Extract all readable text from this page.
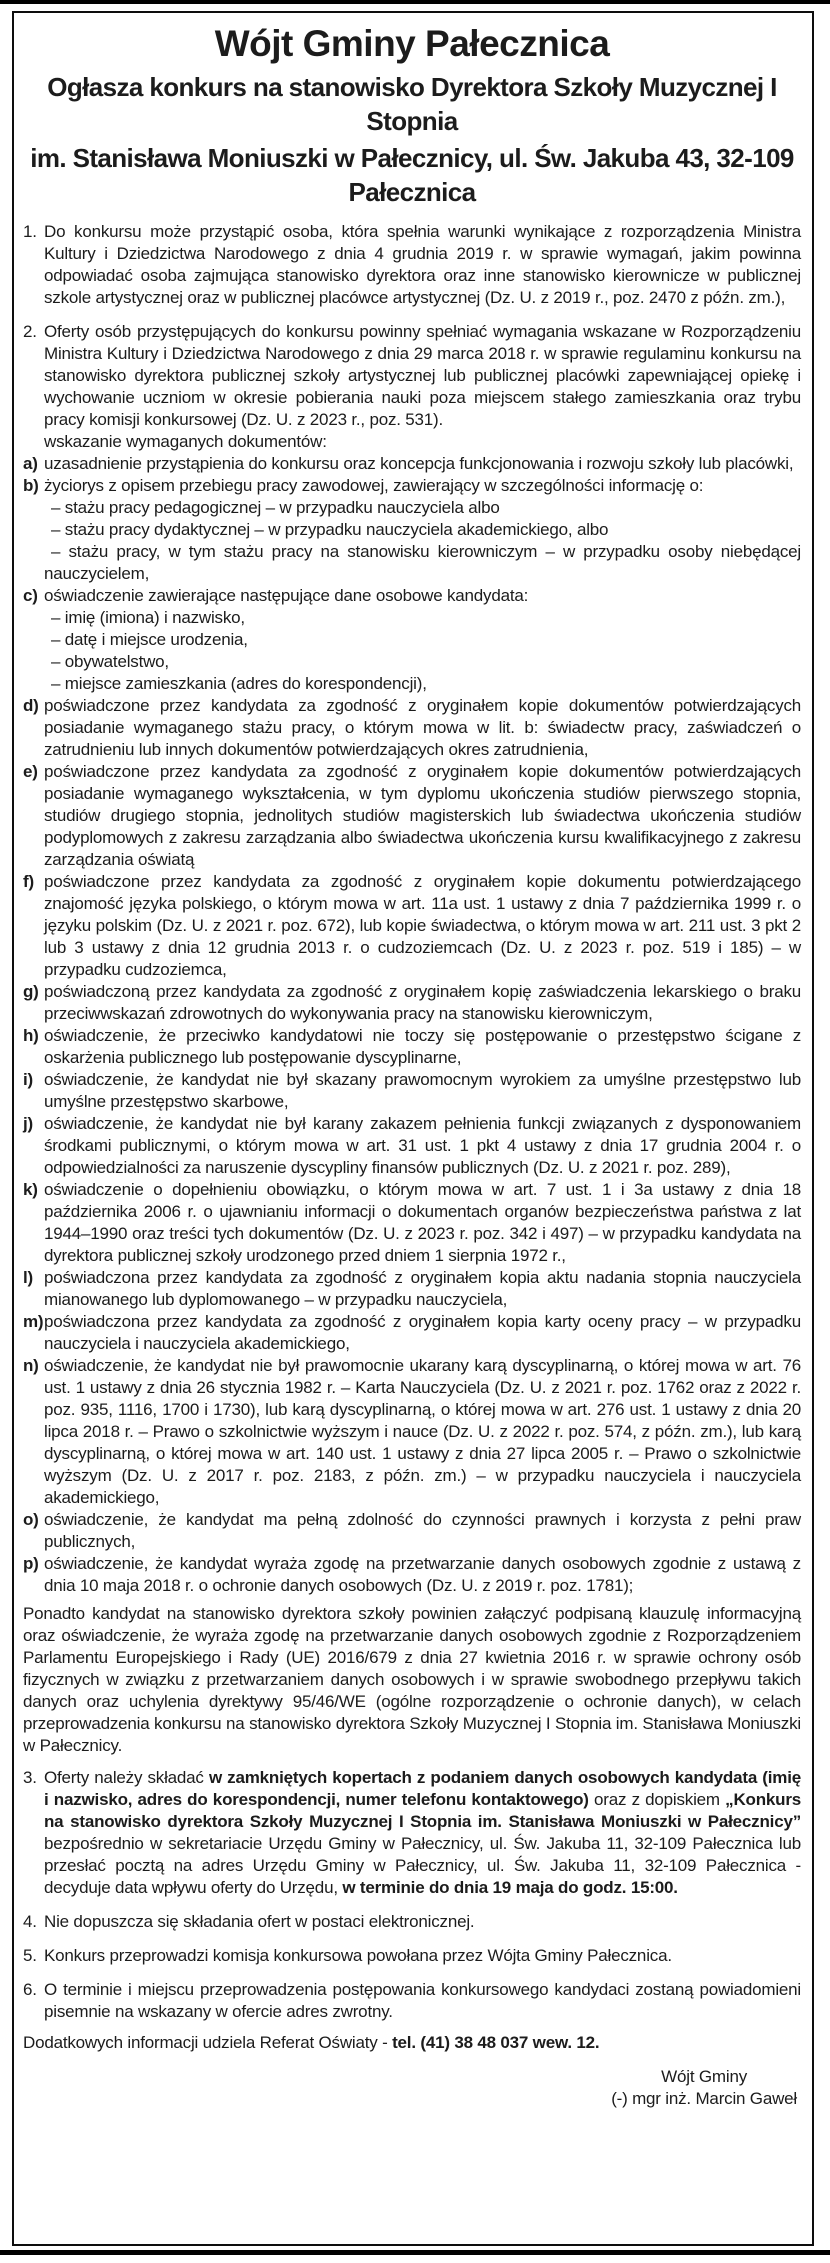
Wójt Gminy Pałecznica
Ogłasza konkurs na stanowisko Dyrektora Szkoły Muzycznej I Stopnia
im. Stanisława Moniuszki w Pałecznicy, ul. Św. Jakuba 43, 32-109 Pałecznica
1. Do konkursu może przystąpić osoba, która spełnia warunki wynikające z rozporządzenia Ministra Kultury i Dziedzictwa Narodowego z dnia 4 grudnia 2019 r. w sprawie wymagań, jakim powinna odpowiadać osoba zajmująca stanowisko dyrektora oraz inne stanowisko kierownicze w publicznej szkole artystycznej oraz w publicznej placówce artystycznej (Dz. U. z 2019 r., poz. 2470 z późn. zm.),
2. Oferty osób przystępujących do konkursu powinny spełniać wymagania wskazane w Rozporządzeniu Ministra Kultury i Dziedzictwa Narodowego z dnia 29 marca 2018 r. w sprawie regulaminu konkursu na stanowisko dyrektora publicznej szkoły artystycznej lub publicznej placówki zapewniającej opiekę i wychowanie uczniom w okresie pobierania nauki poza miejscem stałego zamieszkania oraz trybu pracy komisji konkursowej (Dz. U. z 2023 r., poz. 531).
wskazanie wymaganych dokumentów:
a) uzasadnienie przystąpienia do konkursu oraz koncepcja funkcjonowania i rozwoju szkoły lub placówki,
b) życiorys z opisem przebiegu pracy zawodowej, zawierający w szczególności informację o:
– stażu pracy pedagogicznej – w przypadku nauczyciela albo
– stażu pracy dydaktycznej – w przypadku nauczyciela akademickiego, albo
– stażu pracy, w tym stażu pracy na stanowisku kierowniczym – w przypadku osoby niebędącej nauczycielem,
c) oświadczenie zawierające następujące dane osobowe kandydata:
– imię (imiona) i nazwisko,
– datę i miejsce urodzenia,
– obywatelstwo,
– miejsce zamieszkania (adres do korespondencji),
d) poświadczone przez kandydata za zgodność z oryginałem kopie dokumentów potwierdzających posiadanie wymaganego stażu pracy, o którym mowa w lit. b: świadectw pracy, zaświadczeń o zatrudnieniu lub innych dokumentów potwierdzających okres zatrudnienia,
e) poświadczone przez kandydata za zgodność z oryginałem kopie dokumentów potwierdzających posiadanie wymaganego wykształcenia, w tym dyplomu ukończenia studiów pierwszego stopnia, studiów drugiego stopnia, jednolitych studiów magisterskich lub świadectwa ukończenia studiów podyplomowych z zakresu zarządzania albo świadectwa ukończenia kursu kwalifikacyjnego z zakresu zarządzania oświatą
f) poświadczone przez kandydata za zgodność z oryginałem kopie dokumentu potwierdzającego znajomość języka polskiego, o którym mowa w art. 11a ust. 1 ustawy z dnia 7 października 1999 r. o języku polskim (Dz. U. z 2021 r. poz. 672), lub kopie świadectwa, o którym mowa w art. 211 ust. 3 pkt 2 lub 3 ustawy z dnia 12 grudnia 2013 r. o cudzoziemcach (Dz. U. z 2023 r. poz. 519 i 185) – w przypadku cudzoziemca,
g) poświadczoną przez kandydata za zgodność z oryginałem kopię zaświadczenia lekarskiego o braku przeciwwskazań zdrowotnych do wykonywania pracy na stanowisku kierowniczym,
h) oświadczenie, że przeciwko kandydatowi nie toczy się postępowanie o przestępstwo ścigane z oskarżenia publicznego lub postępowanie dyscyplinarne,
i) oświadczenie, że kandydat nie był skazany prawomocnym wyrokiem za umyślne przestępstwo lub umyślne przestępstwo skarbowe,
j) oświadczenie, że kandydat nie był karany zakazem pełnienia funkcji związanych z dysponowaniem środkami publicznymi, o którym mowa w art. 31 ust. 1 pkt 4 ustawy z dnia 17 grudnia 2004 r. o odpowiedzialności za naruszenie dyscypliny finansów publicznych (Dz. U. z 2021 r. poz. 289),
k) oświadczenie o dopełnieniu obowiązku, o którym mowa w art. 7 ust. 1 i 3a ustawy z dnia 18 października 2006 r. o ujawnianiu informacji o dokumentach organów bezpieczeństwa państwa z lat 1944–1990 oraz treści tych dokumentów (Dz. U. z 2023 r. poz. 342 i 497) – w przypadku kandydata na dyrektora publicznej szkoły urodzonego przed dniem 1 sierpnia 1972 r.,
l) poświadczona przez kandydata za zgodność z oryginałem kopia aktu nadania stopnia nauczyciela mianowanego lub dyplomowanego – w przypadku nauczyciela,
m) poświadczona przez kandydata za zgodność z oryginałem kopia karty oceny pracy – w przypadku nauczyciela i nauczyciela akademickiego,
n) oświadczenie, że kandydat nie był prawomocnie ukarany karą dyscyplinarną, o której mowa w art. 76 ust. 1 ustawy z dnia 26 stycznia 1982 r. – Karta Nauczyciela (Dz. U. z 2021 r. poz. 1762 oraz z 2022 r. poz. 935, 1116, 1700 i 1730), lub karą dyscyplinarną, o której mowa w art. 276 ust. 1 ustawy z dnia 20 lipca 2018 r. – Prawo o szkolnictwie wyższym i nauce (Dz. U. z 2022 r. poz. 574, z późn. zm.), lub karą dyscyplinarną, o której mowa w art. 140 ust. 1 ustawy z dnia 27 lipca 2005 r. – Prawo o szkolnictwie wyższym (Dz. U. z 2017 r. poz. 2183, z późn. zm.) – w przypadku nauczyciela i nauczyciela akademickiego,
o) oświadczenie, że kandydat ma pełną zdolność do czynności prawnych i korzysta z pełni praw publicznych,
p) oświadczenie, że kandydat wyraża zgodę na przetwarzanie danych osobowych zgodnie z ustawą z dnia 10 maja 2018 r. o ochronie danych osobowych (Dz. U. z 2019 r. poz. 1781);
Ponadto kandydat na stanowisko dyrektora szkoły powinien załączyć podpisaną klauzulę informacyjną oraz oświadczenie, że wyraża zgodę na przetwarzanie danych osobowych zgodnie z Rozporządzeniem Parlamentu Europejskiego i Rady (UE) 2016/679 z dnia 27 kwietnia 2016 r. w sprawie ochrony osób fizycznych w związku z przetwarzaniem danych osobowych i w sprawie swobodnego przepływu takich danych oraz uchylenia dyrektywy 95/46/WE (ogólne rozporządzenie o ochronie danych), w celach przeprowadzenia konkursu na stanowisko dyrektora Szkoły Muzycznej I Stopnia im. Stanisława Moniuszki w Pałecznicy.
3. Oferty należy składać w zamkniętych kopertach z podaniem danych osobowych kandydata (imię i nazwisko, adres do korespondencji, numer telefonu kontaktowego) oraz z dopiskiem „Konkurs na stanowisko dyrektora Szkoły Muzycznej I Stopnia im. Stanisława Moniuszki w Pałecznicy” bezpośrednio w sekretariacie Urzędu Gminy w Pałecznicy, ul. Św. Jakuba 11, 32-109 Pałecznica lub przesłać pocztą na adres Urzędu Gminy w Pałecznicy, ul. Św. Jakuba 11, 32-109 Pałecznica - decyduje data wpływu oferty do Urzędu, w terminie do dnia 19 maja do godz. 15:00.
4. Nie dopuszcza się składania ofert w postaci elektronicznej.
5. Konkurs przeprowadzi komisja konkursowa powołana przez Wójta Gminy Pałecznica.
6. O terminie i miejscu przeprowadzenia postępowania konkursowego kandydaci zostaną powiadomieni pisemnie na wskazany w ofercie adres zwrotny.
Dodatkowych informacji udziela Referat Oświaty - tel. (41) 38 48 037 wew. 12.
Wójt Gminy
(-) mgr inż. Marcin Gaweł
